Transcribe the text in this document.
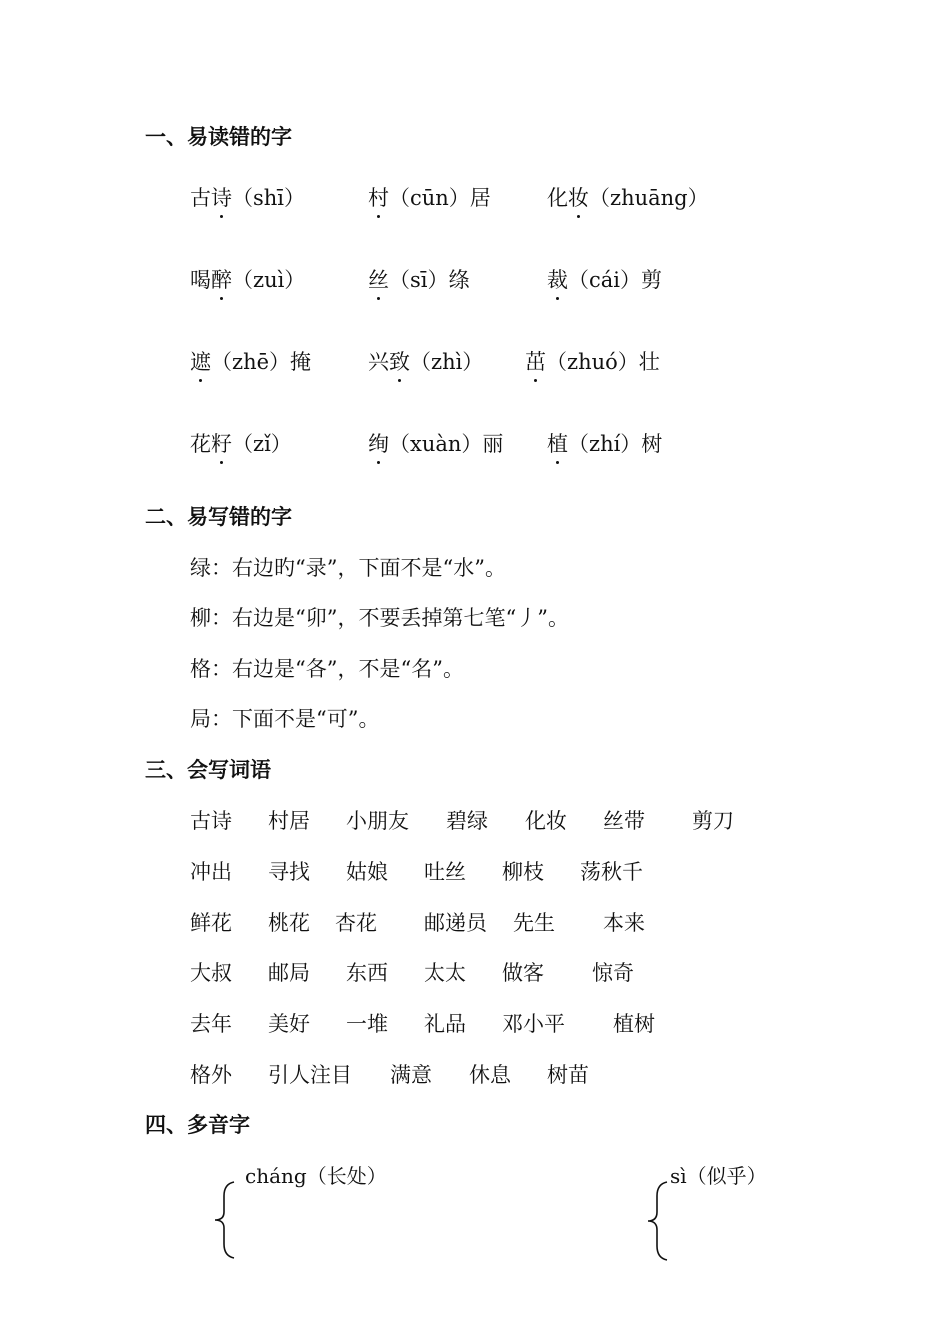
一、易读错的字
古诗（shī）	村（cūn）居	化妆（zhuāng）
喝醉（zuì）	丝（sī）绦	裁（cái）剪
遮（zhē）掩	兴致（zhì） 茁（zhuó）壮
花籽（zǐ）	绚（xuàn）丽 植（zhí）树
二、易写错的字
绿：右边旳“录”，下面不是“水”。
柳：右边是“卯”，不要丢掉第七笔“丿”。
格：右边是“各”，不是“名”。
局：下面不是“可”。
三、会写词语
古诗 村居 小朋友 碧绿 化妆 丝带 剪刀
冲出 寻找 姑娘 吐丝 柳枝 荡秋千
鲜花 桃花 杏花 邮递员 先生 本来
大叔 邮局 东西 太太 做客 惊奇
去年 美好 一堆 礼品 邓小平 植树
格外 引人注目 满意 休息 树苗
四、多音字
cháng（长处）	sì（似乎）
